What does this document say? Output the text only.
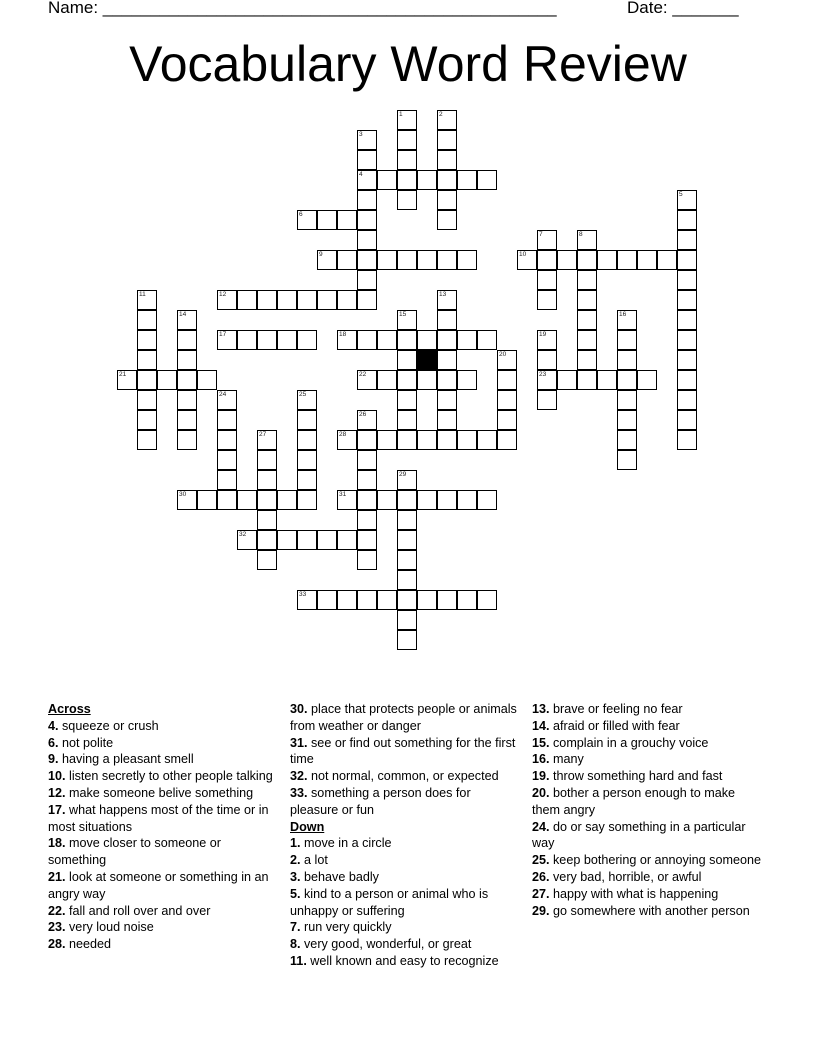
Name: ________________________________________________	Date: _______
Vocabulary Word Review
1	2
3
4
5
6
7	8
9	10
11	12	13
14	15	16
17	18	19
20
21	22	23
24	25
26
27	28
29
30	31
32
33
Across
4. squeeze or crush
6. not polite
9. having a pleasant smell
10. listen secretly to other people talking
12. make someone belive something
17. what happens most of the time or in most situations
18. move closer to someone or something
21. look at someone or something in an angry way
22. fall and roll over and over
23. very loud noise
28. needed
30. place that protects people or animals from weather or danger
31. see or find out something for the first time
32. not normal, common, or expected
33. something a person does for pleasure or fun
Down
1. move in a circle
2. a lot
3. behave badly
5. kind to a person or animal who is unhappy or suffering
7. run very quickly
8. very good, wonderful, or great
11. well known and easy to recognize
13. brave or feeling no fear
14. afraid or filled with fear
15. complain in a grouchy voice
16. many
19. throw something hard and fast
20. bother a person enough to make them angry
24. do or say something in a particular way
25. keep bothering or annoying someone
26. very bad, horrible, or awful
27. happy with what is happening
29. go somewhere with another person
